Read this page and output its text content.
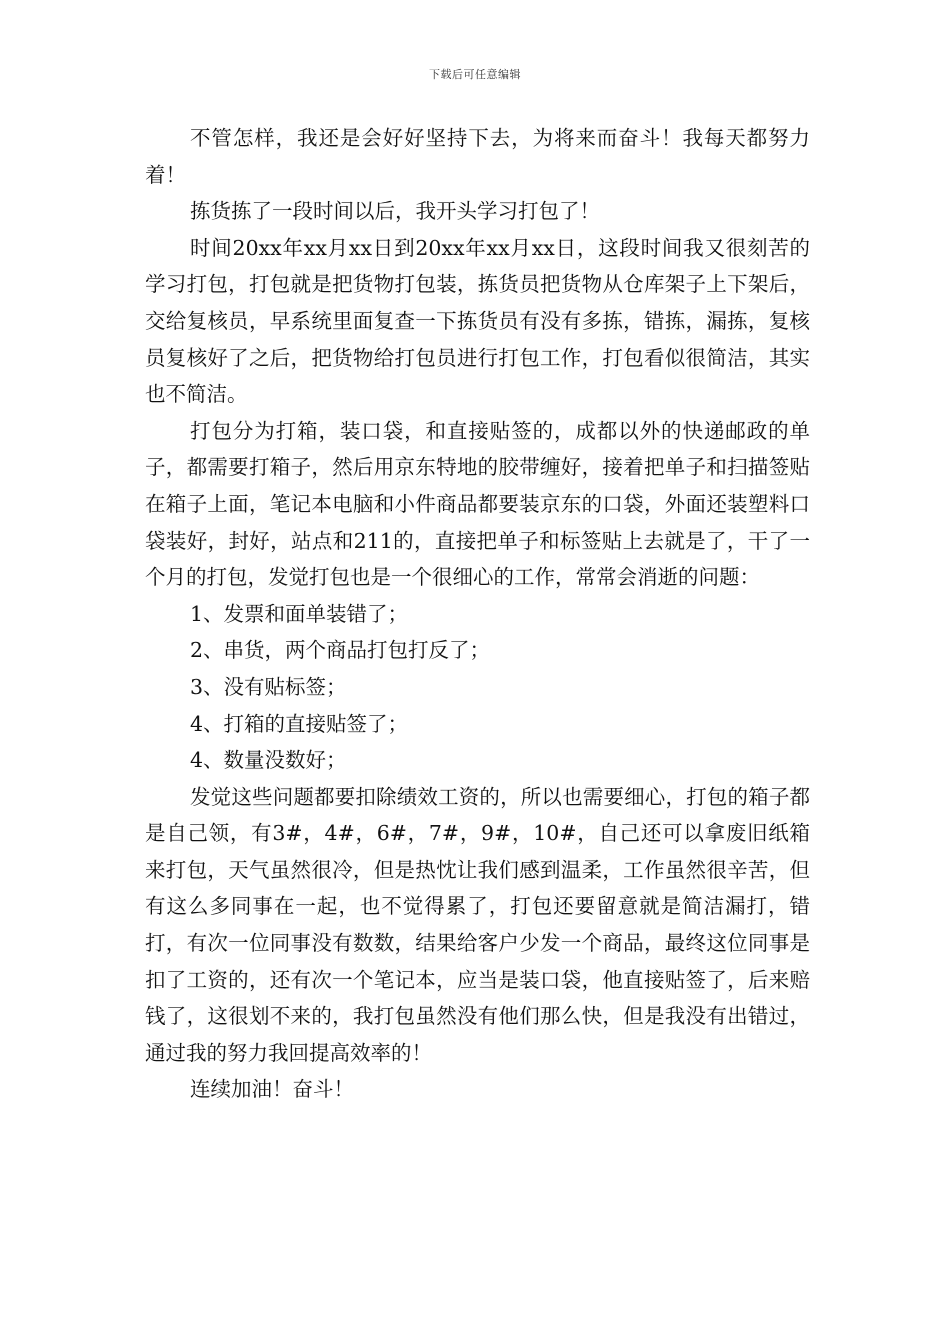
下载后可任意编辑

不管怎样，我还是会好好坚持下去，为将来而奋斗！我每天都努力着！

拣货拣了一段时间以后，我开头学习打包了！

时间20xx年xx月xx日到20xx年xx月xx日，这段时间我又很刻苦的学习打包，打包就是把货物打包装，拣货员把货物从仓库架子上下架后，交给复核员，早系统里面复查一下拣货员有没有多拣，错拣，漏拣，复核员复核好了之后，把货物给打包员进行打包工作，打包看似很简洁，其实也不简洁。

打包分为打箱，装口袋，和直接贴签的，成都以外的快递邮政的单子，都需要打箱子，然后用京东特地的胶带缠好，接着把单子和扫描签贴在箱子上面，笔记本电脑和小件商品都要装京东的口袋，外面还装塑料口袋装好，封好，站点和211的，直接把单子和标签贴上去就是了，干了一个月的打包，发觉打包也是一个很细心的工作，常常会消逝的问题：

1、发票和面单装错了；

2、串货，两个商品打包打反了；

3、没有贴标签；

4、打箱的直接贴签了；

4、数量没数好；

发觉这些问题都要扣除绩效工资的，所以也需要细心，打包的箱子都是自己领，有3#，4#，6#，7#，9#，10#，自己还可以拿废旧纸箱来打包，天气虽然很冷，但是热忱让我们感到温柔，工作虽然很辛苦，但有这么多同事在一起，也不觉得累了，打包还要留意就是简洁漏打，错打，有次一位同事没有数数，结果给客户少发一个商品，最终这位同事是扣了工资的，还有次一个笔记本，应当是装口袋，他直接贴签了，后来赔钱了，这很划不来的，我打包虽然没有他们那么快，但是我没有出错过，通过我的努力我回提高效率的！

连续加油！奋斗！
